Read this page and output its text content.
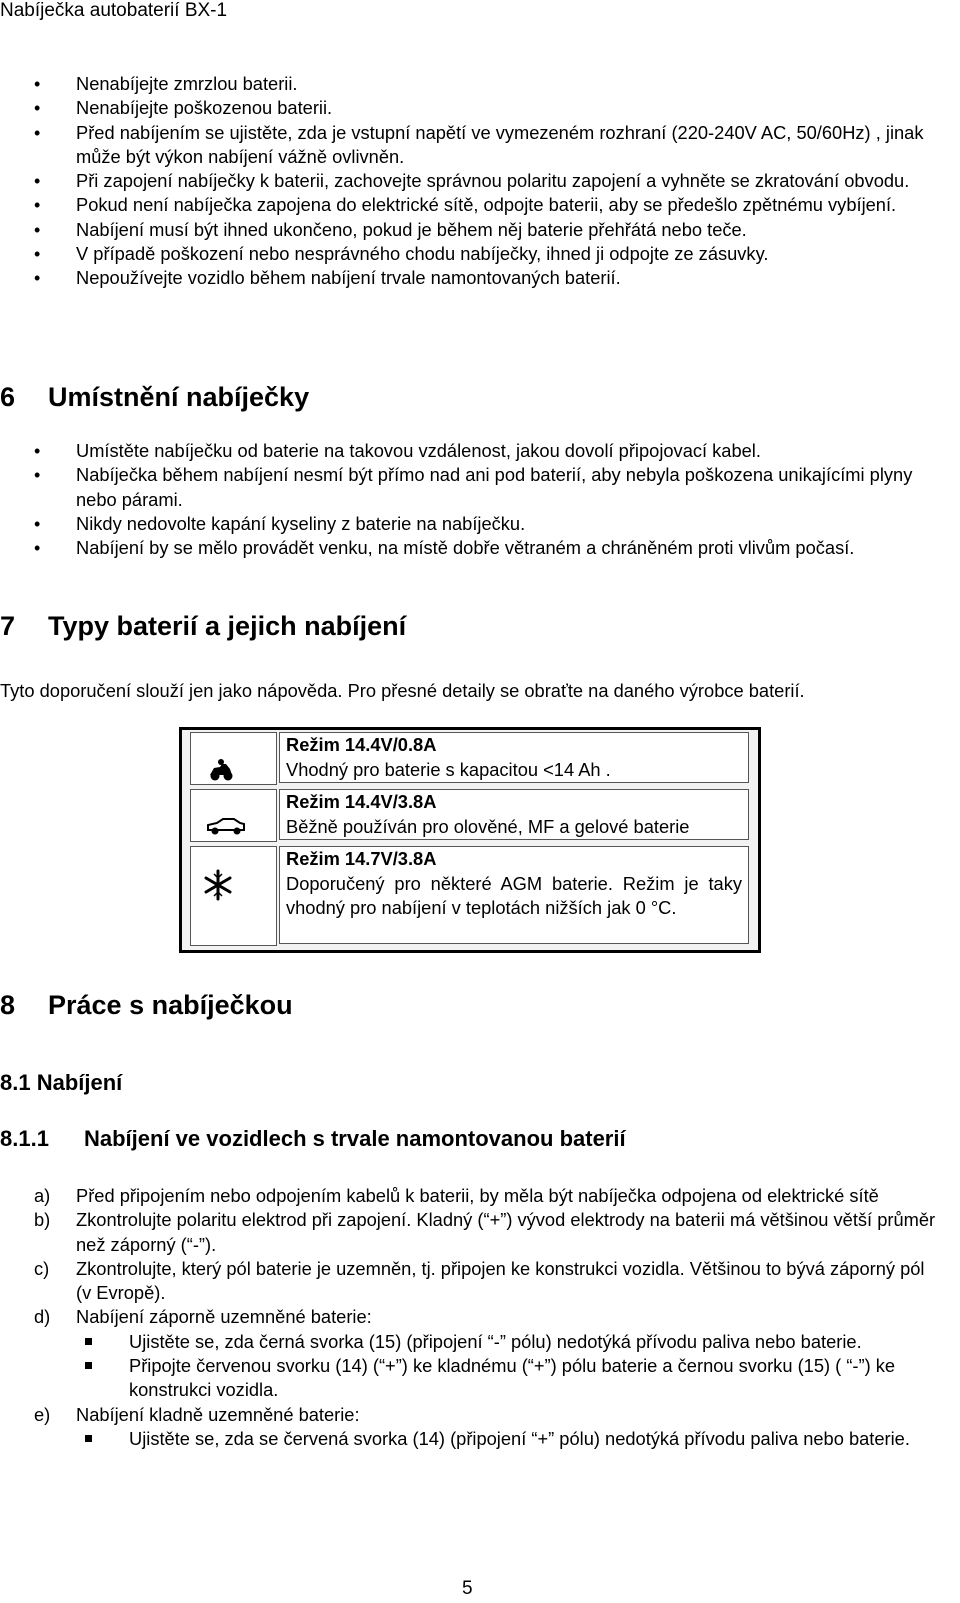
Nabíječka autobaterií BX-1
• Nenabíjejte zmrzlou baterii.
• Nenabíjejte poškozenou baterii.
• Před nabíjením se ujistěte, zda je vstupní napětí ve vymezeném rozhraní (220-240V AC, 50/60Hz) , jinak může být výkon nabíjení vážně ovlivněn.
• Při zapojení nabíječky k baterii, zachovejte správnou polaritu zapojení a vyhněte se zkratování obvodu.
• Pokud není nabíječka zapojena do elektrické sítě, odpojte baterii, aby se předešlo zpětnému vybíjení.
• Nabíjení musí být ihned ukončeno, pokud je během něj baterie přehřátá nebo teče.
• V případě poškození nebo nesprávného chodu nabíječky, ihned ji odpojte ze zásuvky.
• Nepoužívejte vozidlo během nabíjení trvale namontovaných baterií.
6 Umístnění nabíječky
• Umístěte nabíječku od baterie na takovou vzdálenost, jakou dovolí připojovací kabel.
• Nabíječka během nabíjení nesmí být přímo nad ani pod baterií, aby nebyla poškozena unikajícími plyny nebo párami.
• Nikdy nedovolte kapání kyseliny z baterie na nabíječku.
• Nabíjení by se mělo provádět venku, na místě dobře větraném a chráněném proti vlivům počasí.
7 Typy baterií a jejich nabíjení
Tyto doporučení slouží jen jako nápověda. Pro přesné detaily se obraťte na daného výrobce baterií.
Režim 14.4V/0.8A
Vhodný pro baterie s kapacitou <14 Ah .
Režim 14.4V/3.8A
Běžně používán pro olověné, MF a gelové baterie
Režim 14.7V/3.8A
Doporučený pro některé AGM baterie. Režim je taky vhodný pro nabíjení v teplotách nižších jak 0 °C.
8 Práce s nabíječkou
8.1 Nabíjení
8.1.1 Nabíjení ve vozidlech s trvale namontovanou baterií
a) Před připojením nebo odpojením kabelů k baterii, by měla být nabíječka odpojena od elektrické sítě
b) Zkontrolujte polaritu elektrod při zapojení. Kladný (“+”) vývod elektrody na baterii má většinou větší průměr než záporný (“-”).
c) Zkontrolujte, který pól baterie je uzemněn, tj. připojen ke konstrukci vozidla. Většinou to bývá záporný pól (v Evropě).
d) Nabíjení záporně uzemněné baterie:
Ujistěte se, zda černá svorka (15) (připojení “-” pólu) nedotýká přívodu paliva nebo baterie.
Připojte červenou svorku (14) (“+”) ke kladnému (“+”) pólu baterie a černou svorku (15) ( “-”) ke konstrukci vozidla.
e) Nabíjení kladně uzemněné baterie:
Ujistěte se, zda se červená svorka (14) (připojení “+” pólu) nedotýká přívodu paliva nebo baterie.
5
